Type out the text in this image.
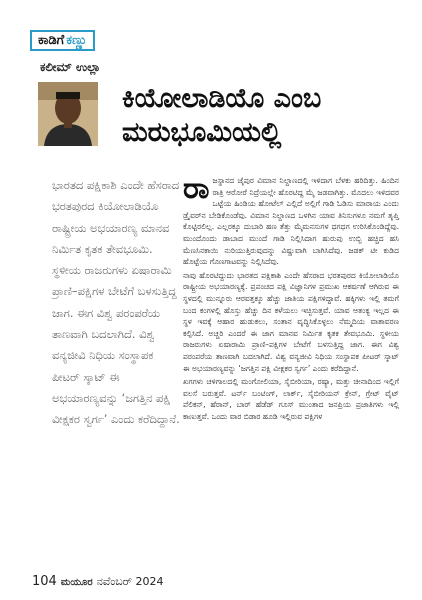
ಕಾಡಿಗೆ ಕಣ್ಣು
ಕಲೀಮ್ ಉಲ್ಲಾ
ಕಿಯೋಲಾಡಿಯೊ ಎಂಬ
ಮರುಭೂಮಿಯಲ್ಲಿ

ಭಾರತದ ಪಕ್ಷಿಕಾಶಿ ಎಂದೇ ಹೆಸರಾದ ಭರತಪುರದ ಕಿಯೋಲಾಡಿಯೊ ರಾಷ್ಟ್ರೀಯ ಅಭಯಾರಣ್ಯ ಮಾನವ ನಿರ್ಮಿತ ಕೃತಕ ತೇವಭೂಮಿ. ಸ್ಥಳೀಯ ರಾಜರುಗಳು ಏಷಾರಾಮಿ ಪ್ರಾಣಿ–ಪಕ್ಷಿಗಳ ಬೇಟೆಗೆ ಬಳಸುತ್ತಿದ್ದ ಜಾಗ. ಈಗ ವಿಶ್ವ ಪರಂಪರೆಯ ತಾಣವಾಗಿ ಬದಲಾಗಿದೆ. ವಿಶ್ವ ವನ್ಯಜೀವಿ ನಿಧಿಯ ಸಂಸ್ಥಾಪಕ ಪೀಟರ್ ಸ್ಕಾಟ್ ಈ ಅಭಯಾರಣ್ಯವನ್ನು ‘ಜಗತ್ತಿನ ಪಕ್ಷಿ ವೀಕ್ಷಕರ ಸ್ವರ್ಗ’ ಎಂದು ಕರೆದಿದ್ದಾನೆ.

ರಾ ಜಸ್ಥಾನದ ಜೈಪುರ ವಿಮಾನ ನಿಲ್ದಾಣದಲ್ಲಿ ಇಳಿದಾಗ ಬೆಳಕು ಹರಿದಿತ್ತು. ಹಿಂದಿನ ರಾತ್ರಿ ಆರೋರೆ ನಿದ್ರೆಯಲ್ಲೇ ಹೊರಟಿದ್ದ ಮೈ ಜಡವಾಗಿತ್ತು. ಮೊದಲು ಇಳಿದವರ ಒಟ್ಟೆಯ ಹಿಂಡಿಯ ಹೋಟೆಲ್ ಎಲ್ಲಿದೆ ಅಲ್ಲಿಗೆ ಗಾಡಿ ಓಡಿಸು ಮಾರಾಯ ಎಂದು ಡ್ರೈವರ್‌ನ ಬೇಡಿಕೊಂಡೆವು. ವಿಮಾನ ನಿಲ್ದಾಣದ ಒಳಗಿನ ಯಾವ ತಿನಿಸುಗಳೂ ನಮಗೆ ತೃಪ್ತಿ ಕೊಟ್ಟಿರಲಿಲ್ಲ. ಎಲ್ಲರಕ್ಕೂ ದುಬಾರಿ ಹಣ ತೆತ್ತು ಮೈಮನಸುಗಳ ಧಗಧಗ ಉರಿಸಿಕೊಂಡಿದ್ದೆವು. ಮುಂದೊಂದು ಡಾಬಾದ ಮುಂದೆ ಗಾಡಿ ನಿಲ್ಲಿಸಿದಾಗ ಹುರುಪು ಉಬ್ಬಿ ಹಚ್ಚಿದ ಹಸಿ ಮೆಣಸಿನಕಾಯಿ ನುರಿಯುತ್ತಿರುವುದನ್ನು ವಿಷ್ಣುವಾಗಿ ಬಾಗಿಸಿದೆವು. ಜಡಕ್ ಟೀ ಕುಡಿದ ಹೊಟ್ಟೆಯ ಗೊಣಗಾಟವನ್ನು ನಿಲ್ಲಿಸಿದೆವು.

ನಾವು ಹೊರಟಿದ್ದುದು ಭಾರತದ ಪಕ್ಷಿಕಾಶಿ ಎಂದೇ ಹೆಸರಾದ ಭರತಪುರದ ಕಿಯೋಲಾಡಿಯೊ ರಾಷ್ಟ್ರೀಯ ಅಭಯಾರಣ್ಯಕ್ಕೆ. ಪ್ರಪಂಚದ ಪಕ್ಷಿ ವಿಜ್ಞಾನಿಗಳ ಪ್ರಮುಖ ಆಕರ್ಷಣೆ ಆಗಿರುವ ಈ ಸ್ಥಳದಲ್ಲಿ ಮುನ್ನೂರು ಆರವತ್ತಕ್ಕೂ ಹೆಚ್ಚು ಜಾತಿಯ ಪಕ್ಷಿಗಳಿದ್ದಾವೆ. ಹಕ್ಕಿಗಳು ಇಲ್ಲಿ ತಮಗೆ ಬಂದ ಕಂಗಳಲ್ಲಿ ಹೊಸ್ತು ಹೆಚ್ಚು ದಿನ ಕಳೆಯಲು ಇಚ್ಛಿಸುತ್ತವೆ. ಯಾವ ಆತಂಕ್ಯ ಇಲ್ಲದ ಈ ಸ್ಥಳ ಇವಕ್ಕೆ ಆಹಾರ ಹುಡುಕಲು, ಸಂತಾನ ವೃದ್ಧಿಸಿಕೊಳ್ಳಲು ನೆಮ್ಮದಿಯ ವಾತಾವರಣ ಕಲ್ಪಿಸಿದೆ. ಅಚ್ಚರಿ ಎಂದರೆ ಈ ಜಾಗ ಮಾನವ ನಿರ್ಮಿತ ಕೃತಕ ತೇವಭೂಮಿ. ಸ್ಥಳೀಯ ರಾಜರುಗಳು ಏಷಾರಾಮಿ ಪ್ರಾಣಿ–ಪಕ್ಷಿಗಳ ಬೇಟೆಗೆ ಬಳಸುತ್ತಿದ್ದ ಜಾಗ. ಈಗ ವಿಶ್ವ ಪರಂಪರೆಯ ತಾಣವಾಗಿ ಬದಲಾಗಿದೆ. ವಿಶ್ವ ವನ್ಯಜೀವಿ ನಿಧಿಯ ಸಂಸ್ಥಾಪಕ ಪೀಟರ್ ಸ್ಕಾಟ್ ಈ ಅಭಯಾರಣ್ಯವನ್ನು ‘ಜಗತ್ತಿನ ಪಕ್ಷಿ ವೀಕ್ಷಕರ ಸ್ವರ್ಗ’ ಎಂದು ಕರೆದಿದ್ದಾನೆ.

ಖಗಗಳು ಚಳಿಗಾಲದಲ್ಲಿ ಮಂಗೋಲಿಯಾ, ಸೈಬೀರಿಯಾ, ರಷ್ಯಾ, ಮತ್ತು ಚೀನಾದಿಂದ ಇಲ್ಲಿಗೆ ವಲಸೆ ಬರುತ್ತವೆ. ಟರ್ನ್ ಬಂಟಿಂಗ್, ಲಾರ್ಕ್, ಸೈಬೀರಿಯನ್ ಕ್ರೇನ್, ಗ್ರೇಟ್ ವೈಟ್ ಪೆಲಿಕನ್, ಹೆರಾನ್, ಬಾರ್ ಹೆಡೆಡ್ ಗೂಸ್ ಮುಂತಾದ ಜನಪ್ರಿಯ ಪ್ರಜಾತಿಗಳು ಇಲ್ಲಿ ಕಾಣುತ್ತವೆ. ಒಂದು ವಾರ ಬಿಡಾರ ಹೂಡಿ ಇಲ್ಲಿರುವ ಪಕ್ಷಿಗಳ

104 ಮಯೂರ ನವೆಂಬರ್ 2024
